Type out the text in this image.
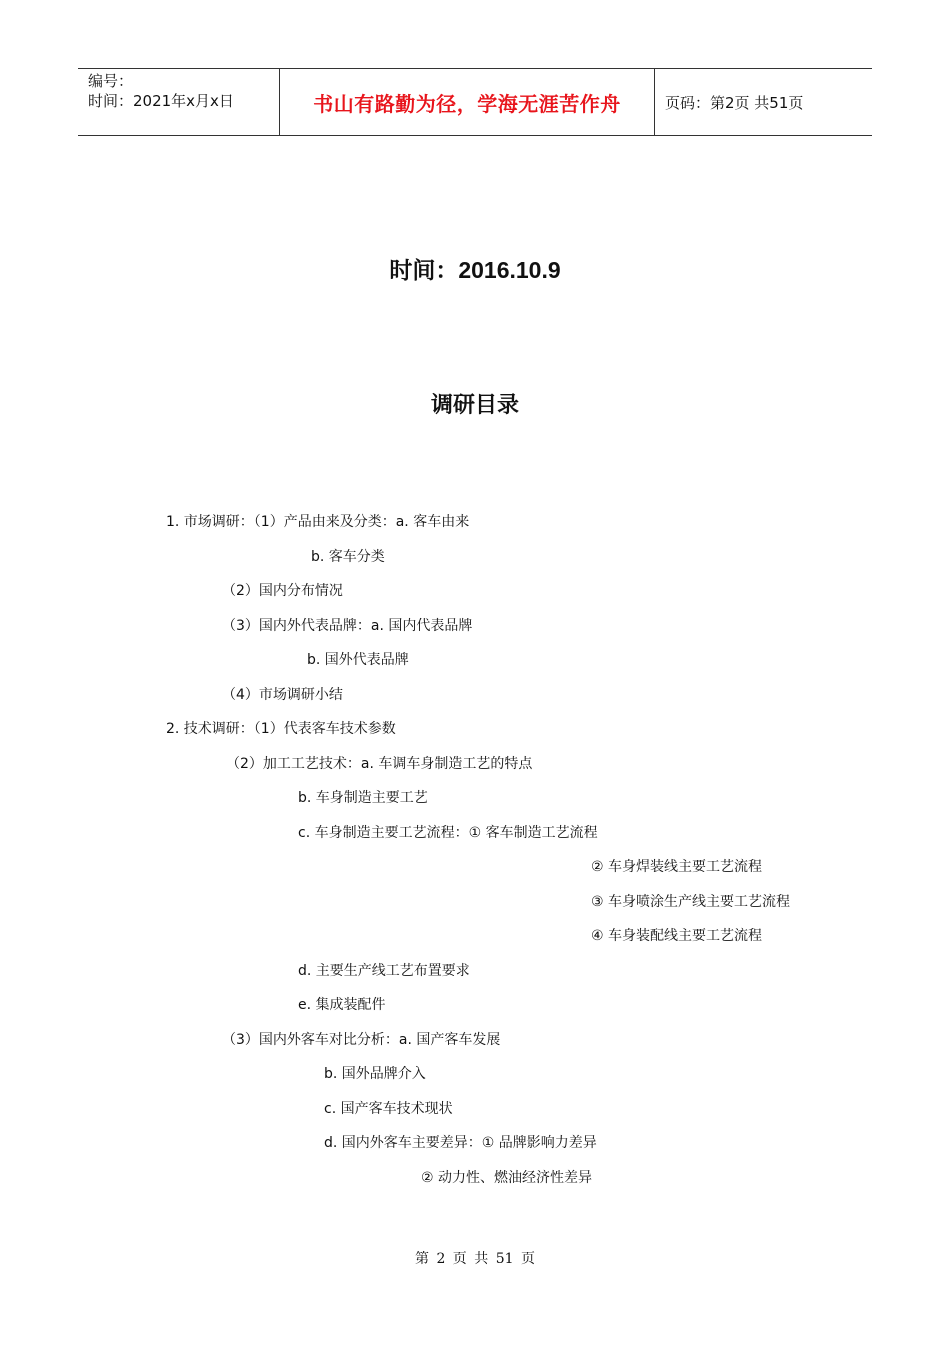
编号：
时间：2021年x月x日	书山有路勤为径，学海无涯苦作舟	页码：第2页 共51页
时间：2016.10.9
调研目录
1. 市场调研：（1）产品由来及分类：a. 客车由来
b. 客车分类
（2）国内分布情况
（3）国内外代表品牌：a. 国内代表品牌
b. 国外代表品牌
（4）市场调研小结
2. 技术调研：（1）代表客车技术参数
（2）加工工艺技术：a. 车调车身制造工艺的特点
b. 车身制造主要工艺
c. 车身制造主要工艺流程：① 客车制造工艺流程
② 车身焊装线主要工艺流程
③ 车身喷涂生产线主要工艺流程
④ 车身装配线主要工艺流程
d. 主要生产线工艺布置要求
e. 集成装配件
（3）国内外客车对比分析：a. 国产客车发展
b. 国外品牌介入
c. 国产客车技术现状
d. 国内外客车主要差异：① 品牌影响力差异
② 动力性、燃油经济性差异
第 2 页 共 51 页
